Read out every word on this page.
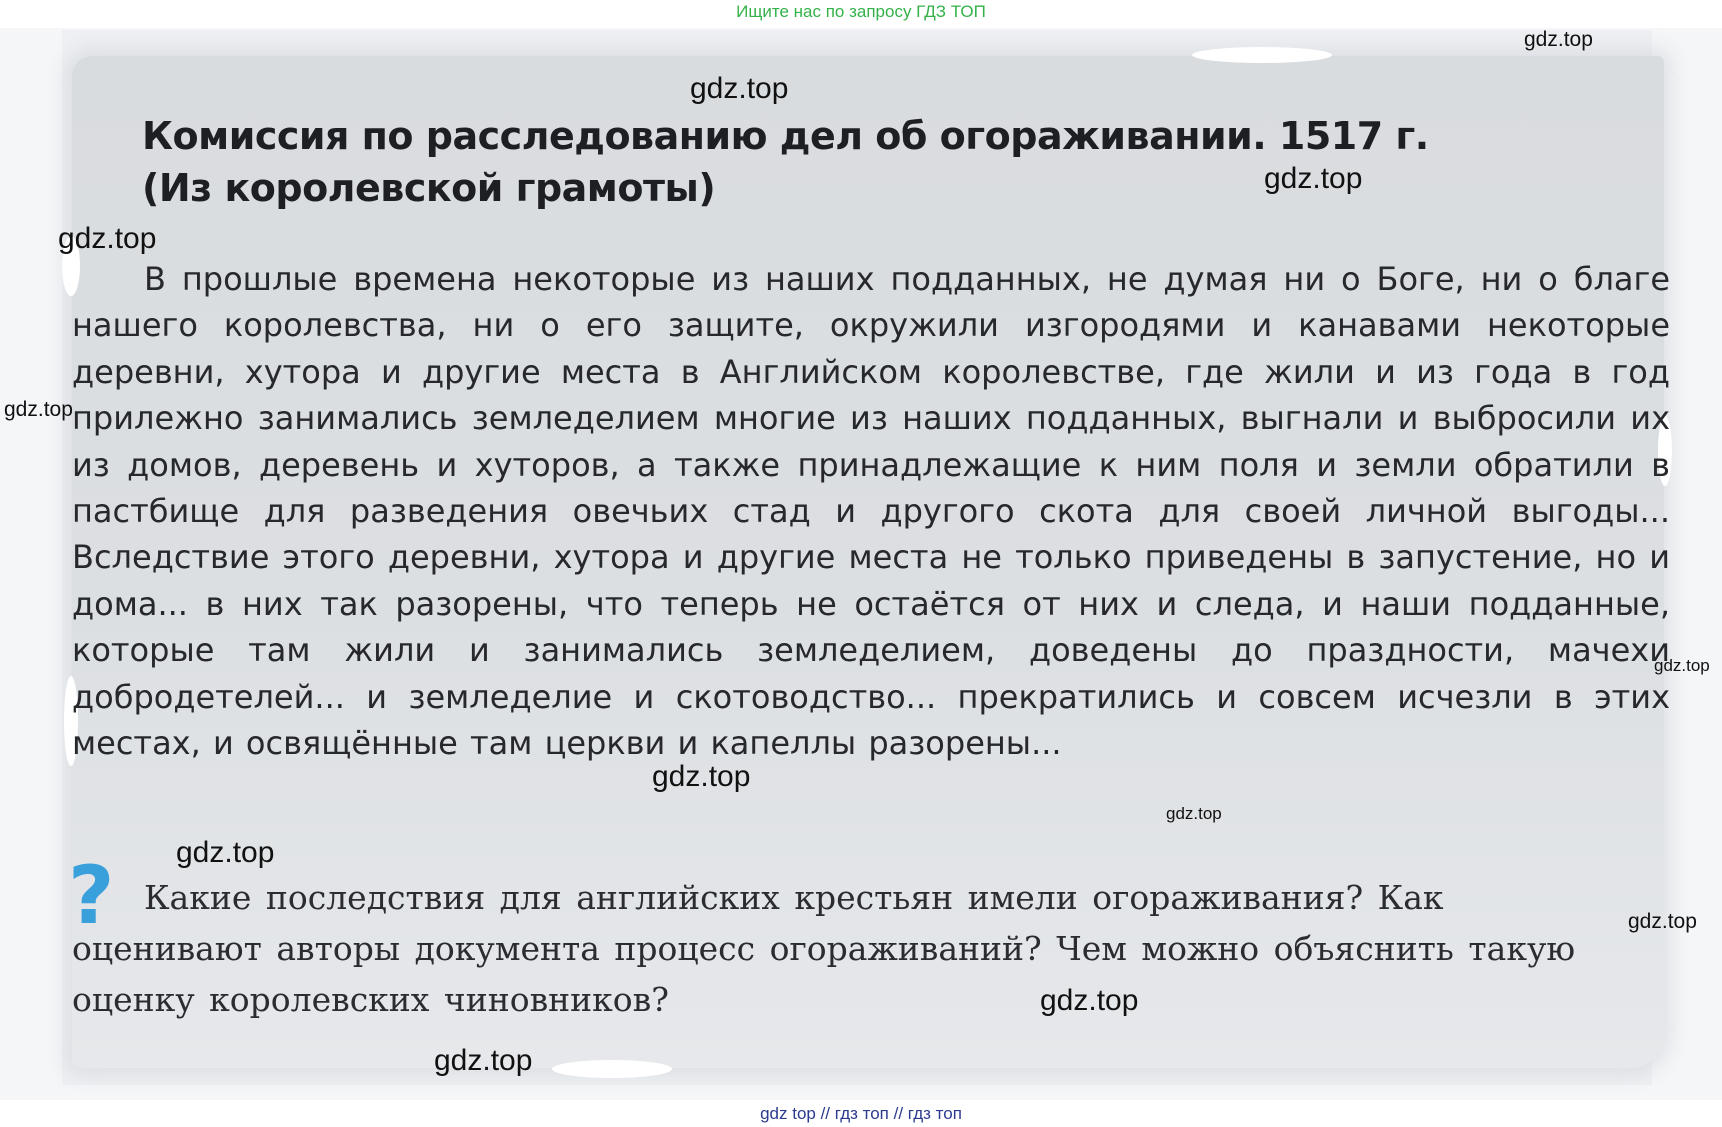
Ищите нас по запросу ГДЗ ТОП
Комиссия по расследованию дел об огораживании. 1517 г. (Из королевской грамоты)

В прошлые времена некоторые из наших подданных, не думая ни о Боге, ни о благе нашего королевства, ни о его защите, окружили изгородями и канавами некоторые деревни, хутора и другие места в Английском королевстве, где жили и из года в год прилежно занимались земледелием многие из наших подданных, выгнали и выбросили их из домов, деревень и хуторов, а также принадлежащие к ним поля и земли обратили в пастбище для разведения овечьих стад и другого скота для своей личной выгоды... Вследствие этого деревни, хутора и другие места не только приведены в запустение, но и дома... в них так разорены, что теперь не остаётся от них и следа, и наши подданные, которые там жили и занимались земледелием, доведены до праздности, мачехи добродетелей... и земледелие и скотоводство... прекратились и совсем исчезли в этих местах, и освящённые там церкви и капеллы разорены...

? Какие последствия для английских крестьян имели огораживания? Как оценивают авторы документа процесс огораживаний? Чем можно объяснить такую оценку королевских чиновников?

gdz.top
gdz.top
gdz.top
gdz.top
gdz.top
gdz.top
gdz.top
gdz.top
gdz.top
gdz.top
gdz.top
gdz.top
gdz top // гдз топ // гдз топ
